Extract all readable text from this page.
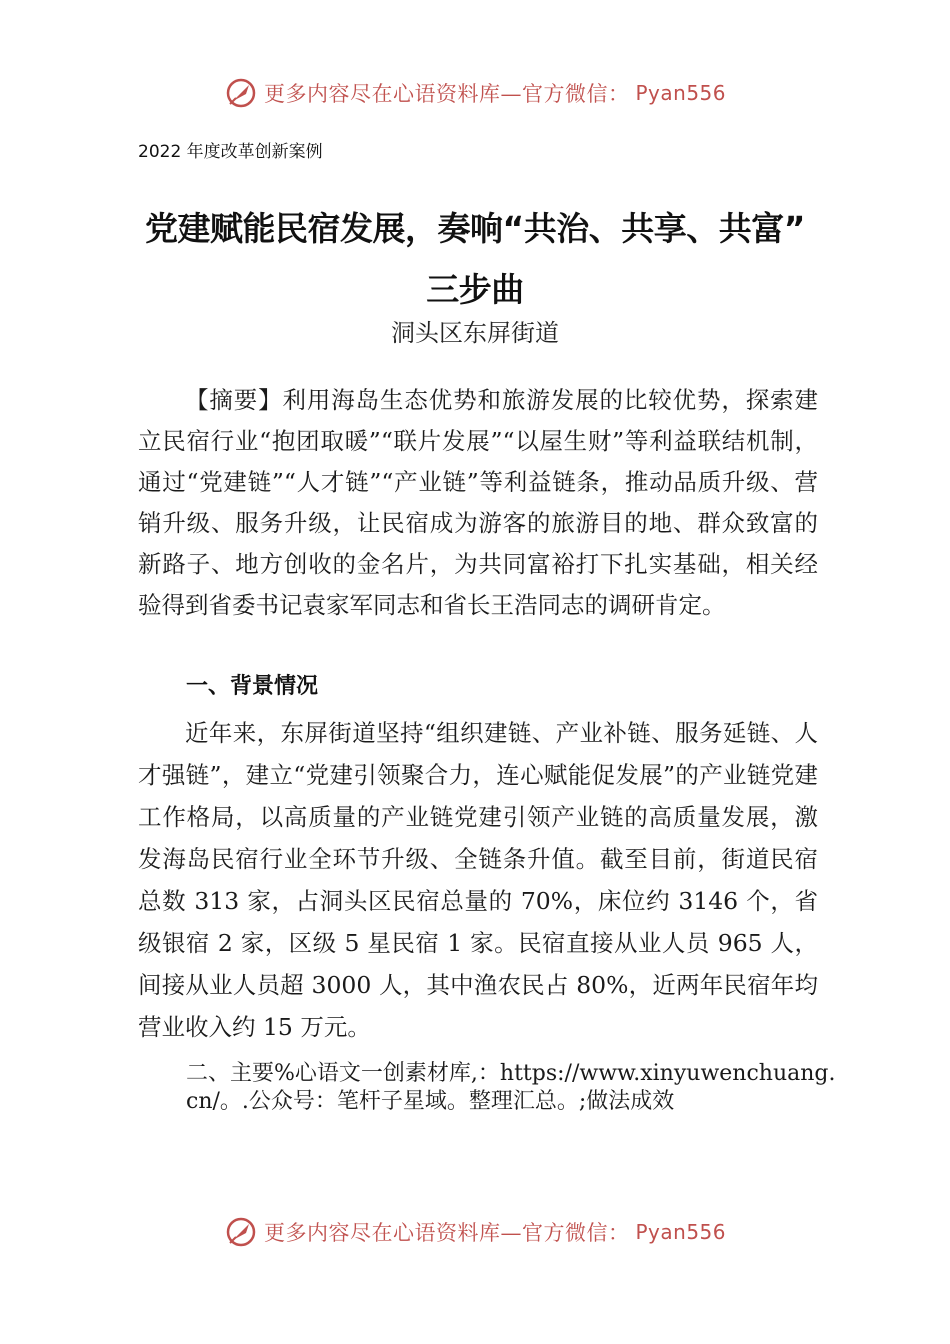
更多内容尽在心语资料库—官方微信： Pyan556
2022 年度改革创新案例
党建赋能民宿发展，奏响“共治、共享、共富”
三步曲
洞头区东屏街道

【摘要】利用海岛生态优势和旅游发展的比较优势，探索建立民宿行业“抱团取暖”“联片发展”“以屋生财”等利益联结机制，通过“党建链”“人才链”“产业链”等利益链条，推动品质升级、营销升级、服务升级，让民宿成为游客的旅游目的地、群众致富的新路子、地方创收的金名片，为共同富裕打下扎实基础，相关经验得到省委书记袁家军同志和省长王浩同志的调研肯定。

一、背景情况

近年来，东屏街道坚持“组织建链、产业补链、服务延链、人才强链”，建立“党建引领聚合力，连心赋能促发展”的产业链党建工作格局，以高质量的产业链党建引领产业链的高质量发展，激发海岛民宿行业全环节升级、全链条升值。截至目前，街道民宿总数 313 家，占洞头区民宿总量的 70%，床位约 3146 个，省级银宿 2 家，区级 5 星民宿 1 家。民宿直接从业人员 965 人，间接从业人员超 3000 人，其中渔农民占 80%，近两年民宿年均营业收入约 15 万元。

二、主要%心语文一创素材库,：https://www.xinyuwenchuang.cn/。.公众号：笔杆子星域。整理汇总。;做法成效
更多内容尽在心语资料库—官方微信： Pyan556
